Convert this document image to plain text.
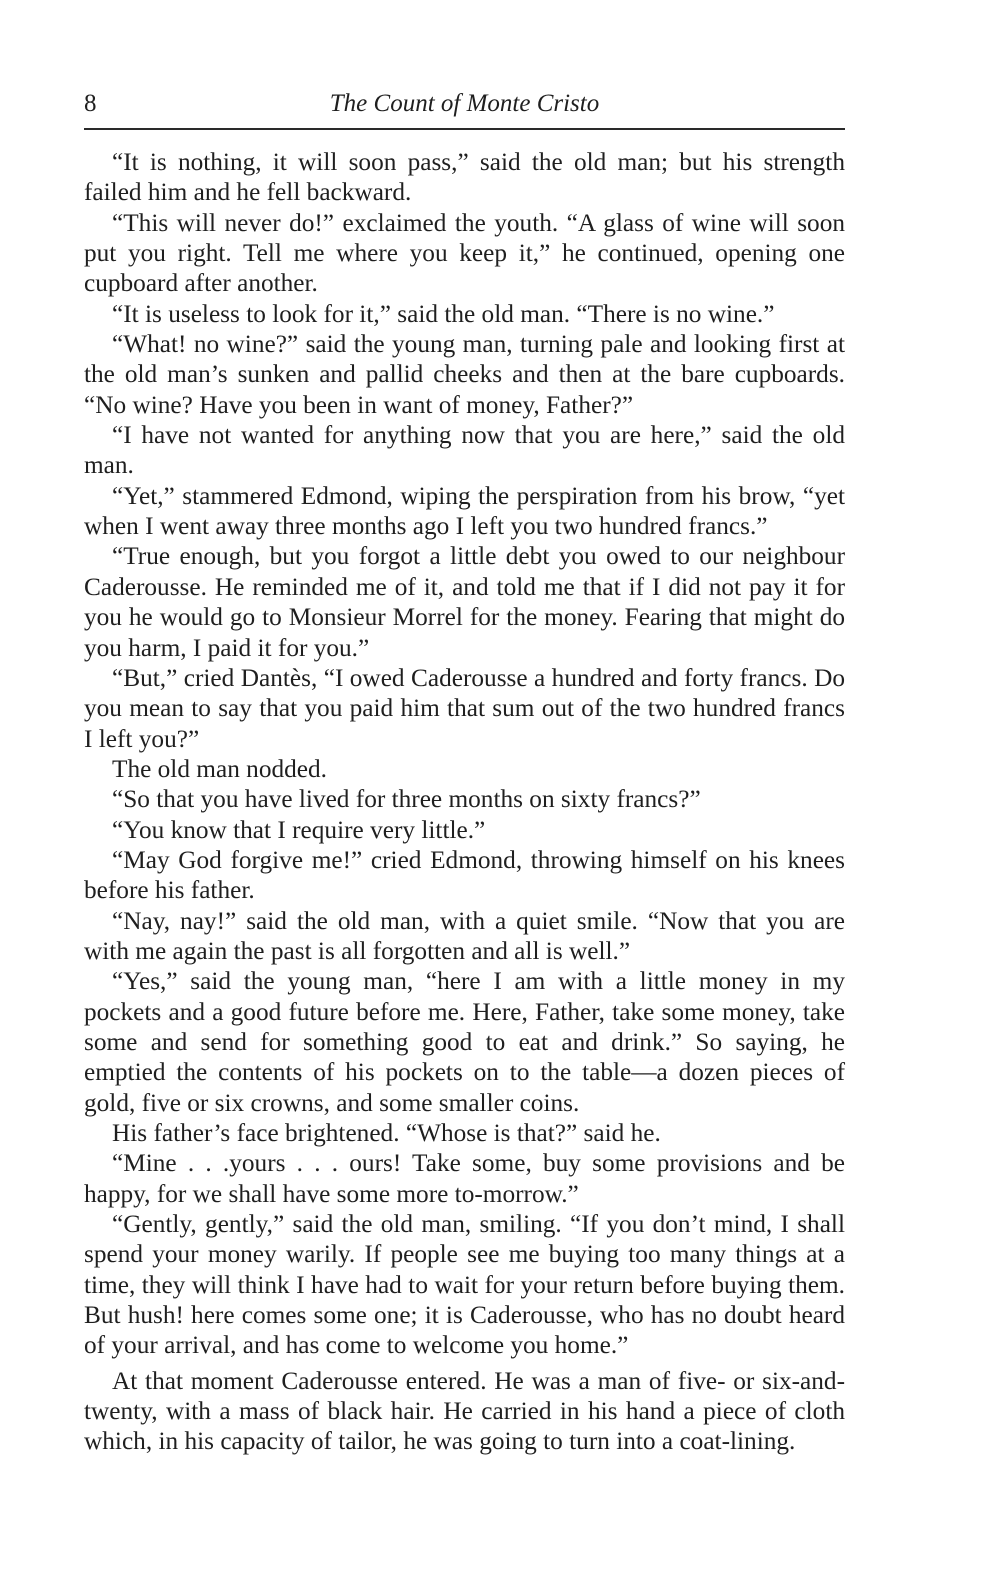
8	The Count of Monte Cristo

“It is nothing, it will soon pass,” said the old man; but his strength failed him and he fell backward.

“This will never do!” exclaimed the youth. “A glass of wine will soon put you right. Tell me where you keep it,” he continued, opening one cupboard after another.

“It is useless to look for it,” said the old man. “There is no wine.”

“What! no wine?” said the young man, turning pale and looking first at the old man’s sunken and pallid cheeks and then at the bare cupboards. “No wine? Have you been in want of money, Father?”

“I have not wanted for anything now that you are here,” said the old man.

“Yet,” stammered Edmond, wiping the perspiration from his brow, “yet when I went away three months ago I left you two hundred francs.”

“True enough, but you forgot a little debt you owed to our neighbour Caderousse. He reminded me of it, and told me that if I did not pay it for you he would go to Monsieur Morrel for the money. Fearing that might do you harm, I paid it for you.”

“But,” cried Dantès, “I owed Caderousse a hundred and forty francs. Do you mean to say that you paid him that sum out of the two hundred francs I left you?”

The old man nodded.

“So that you have lived for three months on sixty francs?”

“You know that I require very little.”

“May God forgive me!” cried Edmond, throwing himself on his knees before his father.

“Nay, nay!” said the old man, with a quiet smile. “Now that you are with me again the past is all forgotten and all is well.”

“Yes,” said the young man, “here I am with a little money in my pockets and a good future before me. Here, Father, take some money, take some and send for something good to eat and drink.” So saying, he emptied the contents of his pockets on to the table—a dozen pieces of gold, five or six crowns, and some smaller coins.

His father’s face brightened. “Whose is that?” said he.

“Mine . . .yours . . . ours! Take some, buy some provisions and be happy, for we shall have some more to-morrow.”

“Gently, gently,” said the old man, smiling. “If you don’t mind, I shall spend your money warily. If people see me buying too many things at a time, they will think I have had to wait for your return before buying them. But hush! here comes some one; it is Caderousse, who has no doubt heard of your arrival, and has come to welcome you home.”

At that moment Caderousse entered. He was a man of five- or six-and-twenty, with a mass of black hair. He carried in his hand a piece of cloth which, in his capacity of tailor, he was going to turn into a coat-lining.
